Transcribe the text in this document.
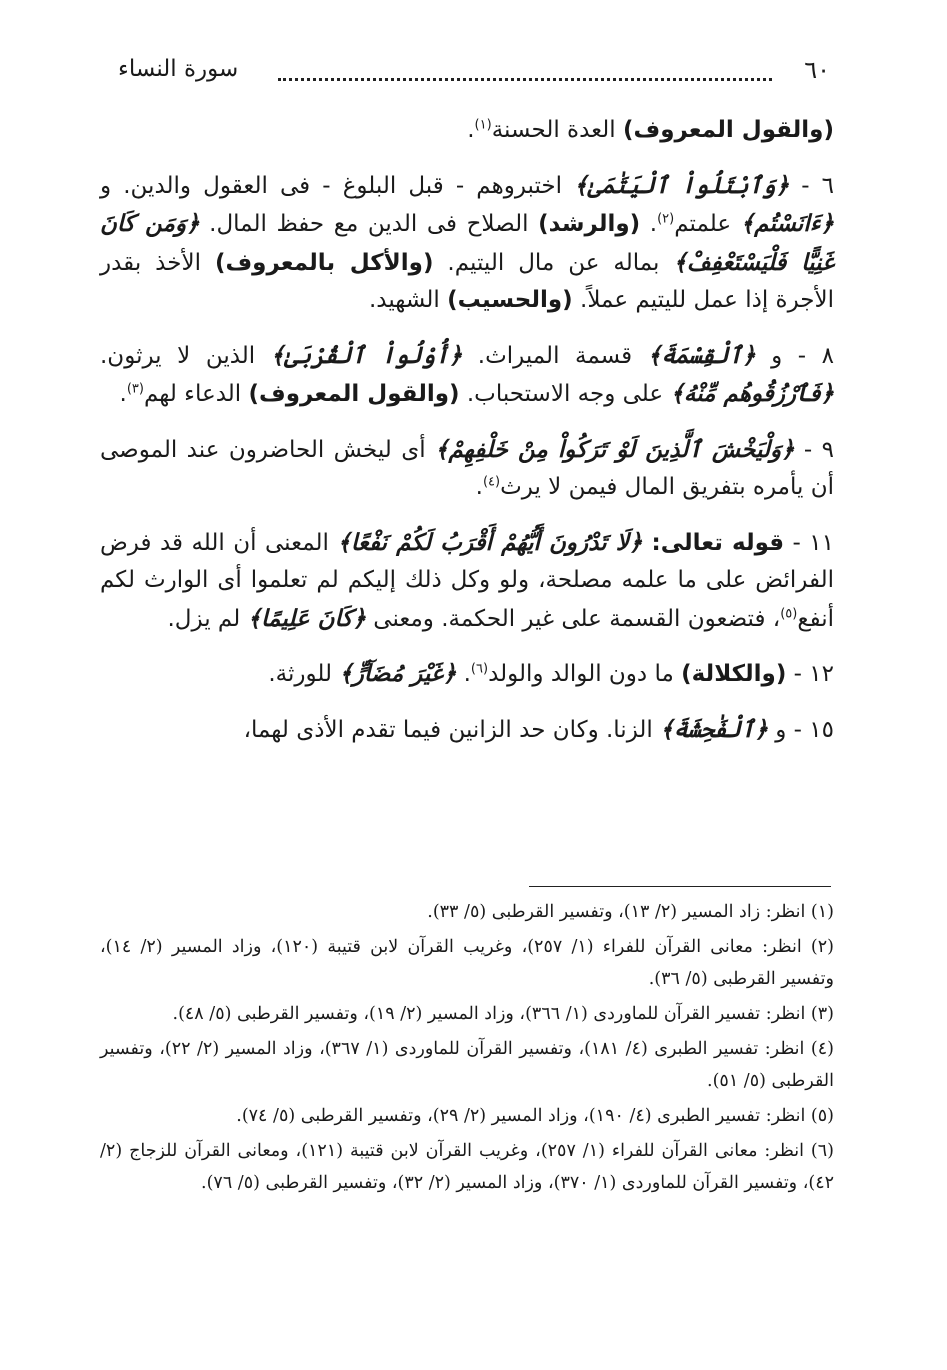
٦٠
سورة النساء

(والقول المعروف) العدة الحسنة$^{(١)}$.

٦ - ﴿وَٱبْتَلُواْ ٱلْيَتَٰمَىٰ﴾ اختبروهم - قبل البلوغ - فى العقول والدين. و ﴿ءَانَسْتُم﴾ علمتم$^{(٢)}$. (والرشد) الصلاح فى الدين مع حفظ المال. ﴿وَمَن كَانَ غَنِيًّا فَلْيَسْتَعْفِفْ﴾ بماله عن مال اليتيم. (والأكل بالمعروف) الأخذ بقدر الأجرة إذا عمل لليتيم عملاً. (والحسيب) الشهيد.

٨ - و ﴿ٱلْقِسْمَةَ﴾ قسمة الميراث. ﴿أُوْلُواْ ٱلْقُرْبَىٰ﴾ الذين لا يرثون. ﴿فَٱرْزُقُوهُم مِّنْهُ﴾ على وجه الاستحباب. (والقول المعروف) الدعاء لهم$^{(٣)}$.

٩ - ﴿وَلْيَخْشَ ٱلَّذِينَ لَوْ تَرَكُواْ مِنْ خَلْفِهِمْ﴾ أى ليخش الحاضرون عند الموصى أن يأمره بتفريق المال فيمن لا يرث$^{(٤)}$.

١١ - قوله تعالى: ﴿لَا تَدْرُونَ أَيُّهُمْ أَقْرَبُ لَكُمْ نَفْعًا﴾ المعنى أن الله قد فرض الفرائض على ما علمه مصلحة، ولو وكل ذلك إليكم لم تعلموا أى الوارث لكم أنفع$^{(٥)}$، فتضعون القسمة على غير الحكمة. ومعنى ﴿كَانَ عَلِيمًا﴾ لم يزل.

١٢ - (والكلالة) ما دون الوالد والولد$^{(٦)}$. ﴿غَيْرَ مُضَآرٍّ﴾ للورثة.

١٥ - و ﴿ٱلْفَٰحِشَةَ﴾ الزنا. وكان حد الزانين فيما تقدم الأذى لهما،

(١) انظر: زاد المسير (٢/ ١٣)، وتفسير القرطبى (٥/ ٣٣).

(٢) انظر: معانى القرآن للفراء (١/ ٢٥٧)، وغريب القرآن لابن قتيبة (١٢٠)، وزاد المسير (٢/ ١٤)، وتفسير القرطبى (٥/ ٣٦).

(٣) انظر: تفسير القرآن للماوردى (١/ ٣٦٦)، وزاد المسير (٢/ ١٩)، وتفسير القرطبى (٥/ ٤٨).

(٤) انظر: تفسير الطبرى (٤/ ١٨١)، وتفسير القرآن للماوردى (١/ ٣٦٧)، وزاد المسير (٢/ ٢٢)، وتفسير القرطبى (٥/ ٥١).

(٥) انظر: تفسير الطبرى (٤/ ١٩٠)، وزاد المسير (٢/ ٢٩)، وتفسير القرطبى (٥/ ٧٤).

(٦) انظر: معانى القرآن للفراء (١/ ٢٥٧)، وغريب القرآن لابن قتيبة (١٢١)، ومعانى القرآن للزجاج (٢/ ٤٢)، وتفسير القرآن للماوردى (١/ ٣٧٠)، وزاد المسير (٢/ ٣٢)، وتفسير القرطبى (٥/ ٧٦).
